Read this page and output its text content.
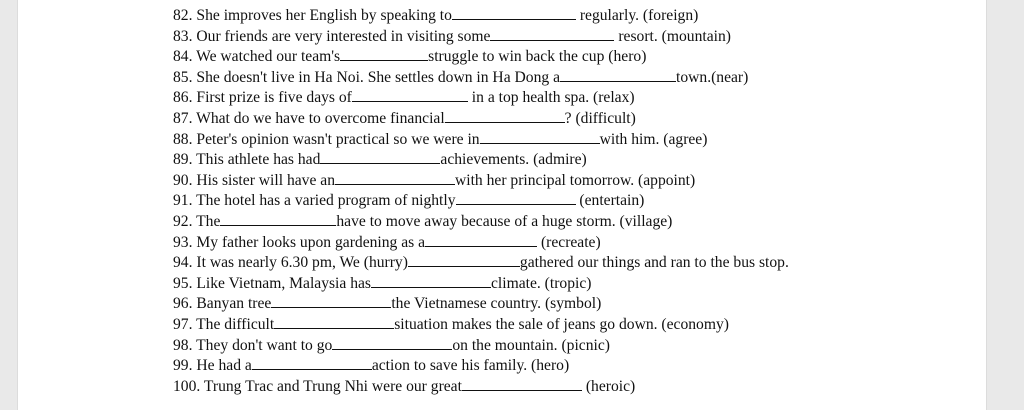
82. She improves her English by speaking to	regularly. (foreign)
83. Our friends are very interested in visiting some	resort. (mountain)
84. We watched our team's	struggle to win back the cup (hero)
85. She doesn't live in Ha Noi. She settles down in Ha Dong a	town.(near)
86. First prize is five days of	in a top health spa. (relax)
87. What do we have to overcome financial	? (difficult)
88. Peter's opinion wasn't practical so we were in	with him. (agree)
89. This athlete has had	achievements. (admire)
90. His sister will have an	with her principal tomorrow. (appoint)
91. The hotel has a varied program of nightly	(entertain)
92. The	have to move away because of a huge storm. (village)
93. My father looks upon gardening as a	(recreate)
94. It was nearly 6.30 pm, We (hurry)	gathered our things and ran to the bus stop.
95. Like Vietnam, Malaysia has	climate. (tropic)
96. Banyan tree	the Vietnamese country. (symbol)
97. The difficult	situation makes the sale of jeans go down. (economy)
98. They don't want to go	on the mountain. (picnic)
99. He had a	action to save his family. (hero)
100. Trung Trac and Trung Nhi were our great	(heroic)
